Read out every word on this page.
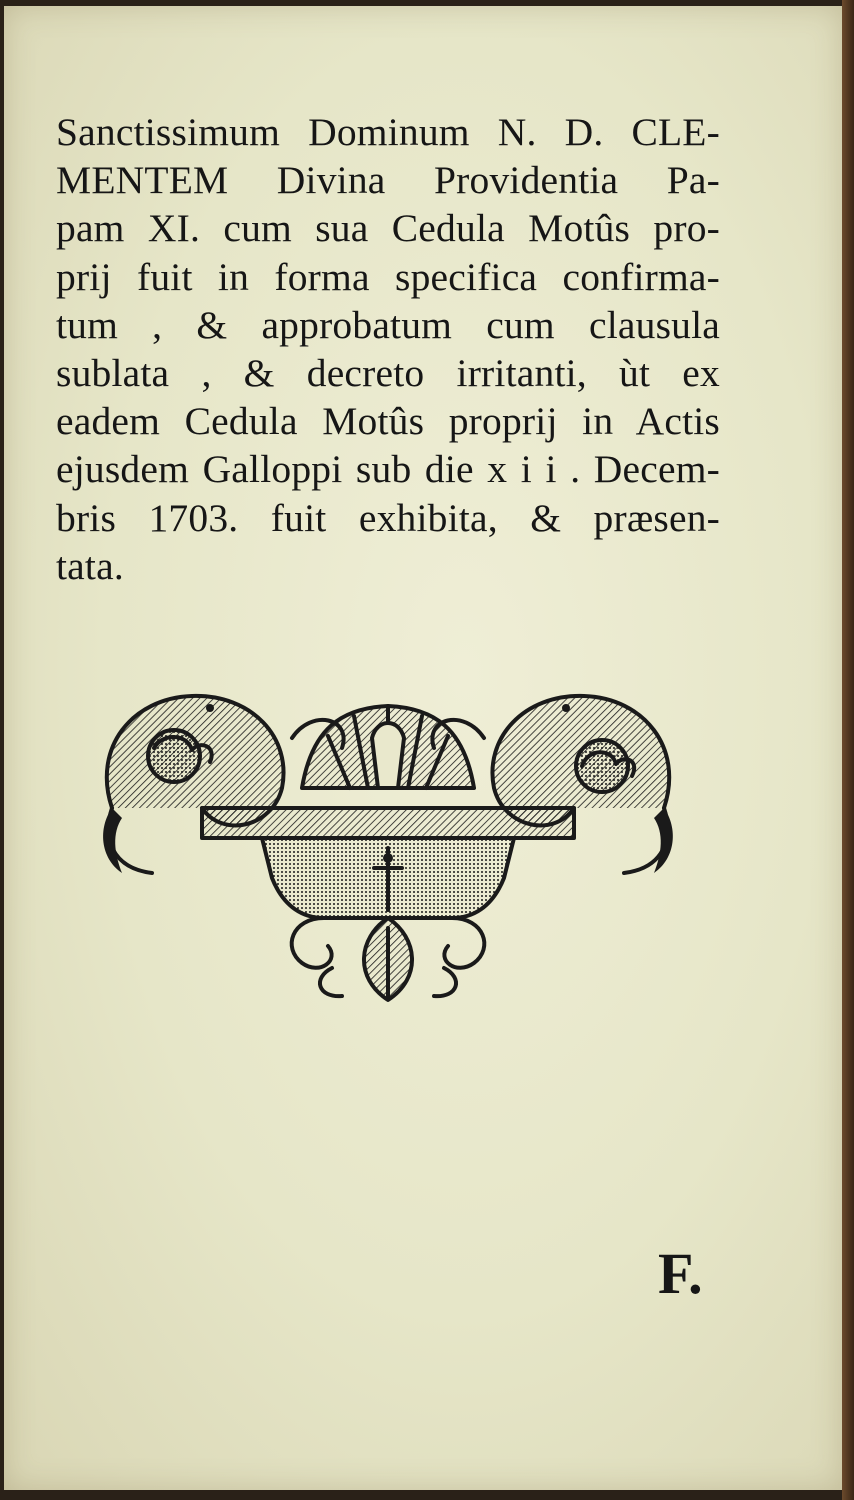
Sanctissimum Dominum N. D. CLE-
MENTEM Divina Providentia Pa-
pam XI. cum sua Cedula Motûs pro-
prij fuit in forma specifica confirma-
tum , & approbatum cum clausula
sublata , & decreto irritanti, ùt ex
eadem Cedula Motûs proprij in Actis
ejusdem Galloppi sub die x i i . Decem-
bris 1703. fuit exhibita, & præsen-
tata.
F.
